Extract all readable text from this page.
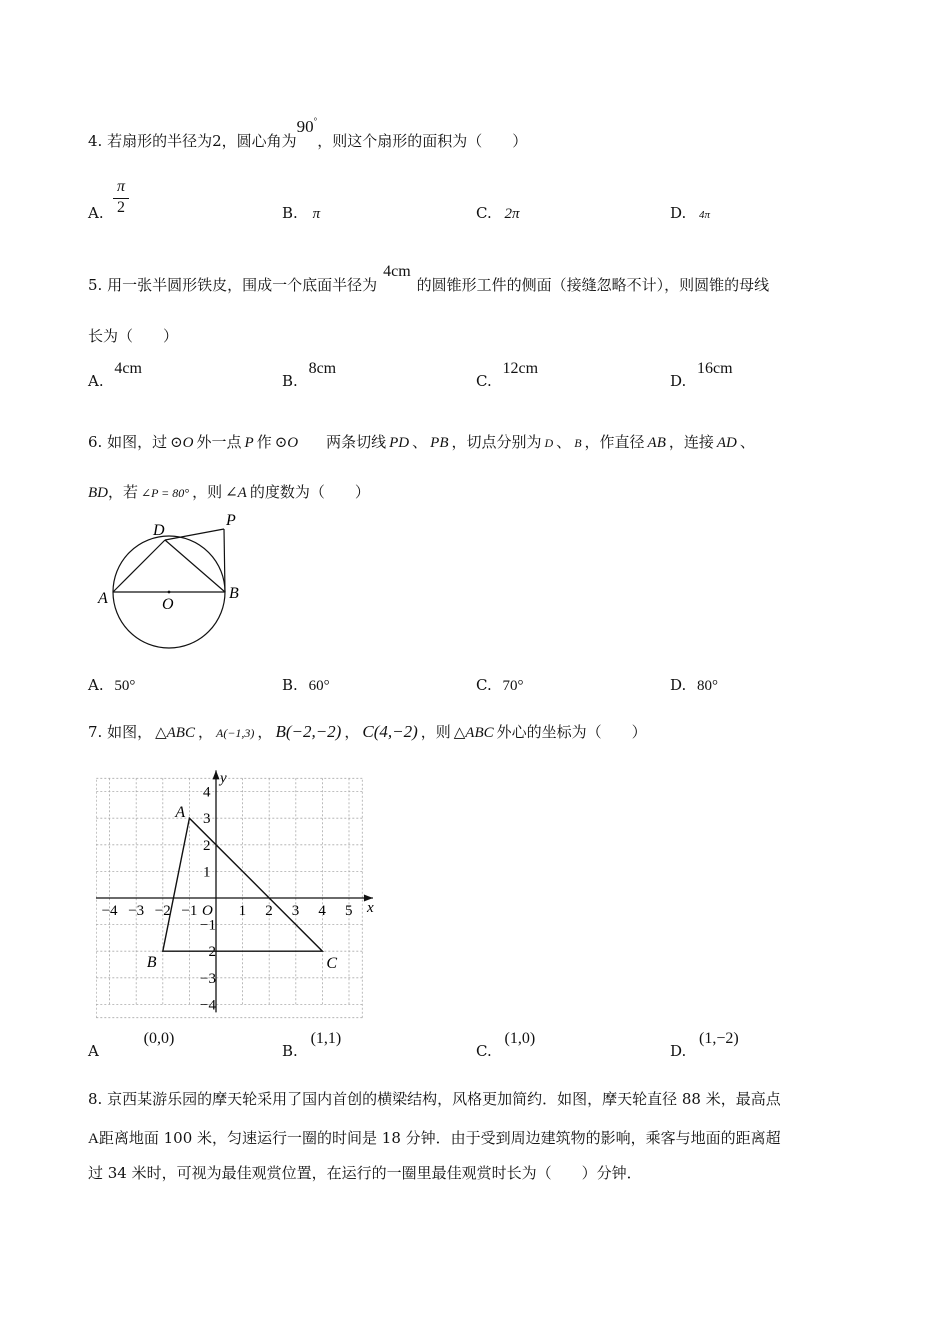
4. 若扇形的半径为2，圆心角为90°，则这个扇形的面积为（　　）
A. $\frac{\pi}{2}$	B. π	C. 2π	D. 4π
5. 用一张半圆形铁皮，围成一个底面半径为4cm的圆锥形工件的侧面（接缝忽略不计），则圆锥的母线
长为（　　）
A. 4cm
B. 8cm
C. 12cm
D. 16cm
6. 如图，过 ⊙O 外一点 P 作 ⊙O 两条切线 PD 、 PB ，切点分别为 D 、 B ，作直径 AB ，连接 AD 、
BD，若 ∠P = 80° ，则 ∠A 的度数为（　　）
D
P
A	O
B
A. 50°	B. 60°	C. 70°	D. 80°
7. 如图， △ABC ， A(−1,3) ， B(−2,−2) ， C(4,−2) ，则 △ABC 外心的坐标为（　　）
−4 −3 −2 −1	1 2 3 4 5
4
3
2
1
−1
−2
−3
−4
O	x
y
A
B	C
A (0,0)
B. (1,1)
C. (1,0)
D. (1,−2)
8. 京西某游乐园的摩天轮采用了国内首创的横梁结构，风格更加简约．如图，摩天轮直径 88 米，最高点
A距离地面 100 米，匀速运行一圈的时间是 18 分钟．由于受到周边建筑物的影响，乘客与地面的距离超
过 34 米时，可视为最佳观赏位置，在运行的一圈里最佳观赏时长为（　　）分钟．
